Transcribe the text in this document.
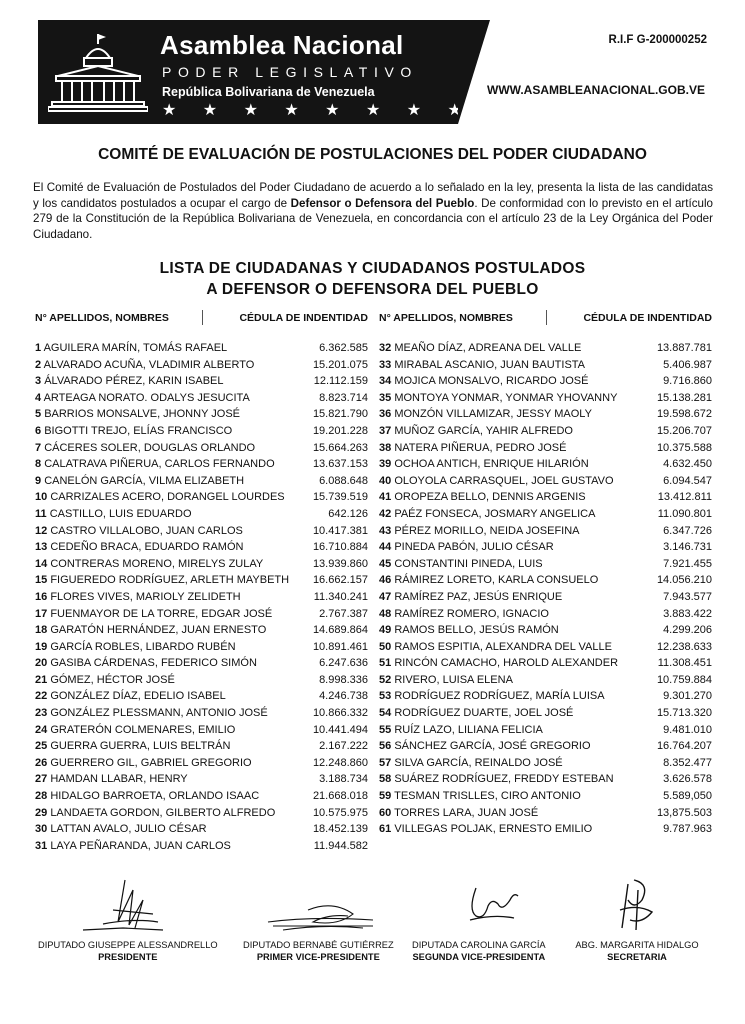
Asamblea Nacional
PODER LEGISLATIVO
República Bolivariana de Venezuela
★ ★ ★ ★ ★ ★ ★ ★
R.I.F G-200000252
WWW.ASAMBLEANACIONAL.GOB.VE
COMITÉ DE EVALUACIÓN DE POSTULACIONES DEL PODER CIUDADANO

El Comité de Evaluación de Postulados del Poder Ciudadano de acuerdo a lo señalado en la ley, presenta la lista de las candidatas y los candidatos postulados a ocupar el cargo de Defensor o Defensora del Pueblo. De conformidad con lo previsto en el artículo 279 de la Constitución de la República Bolivariana de Venezuela, en concordancia con el artículo 23 de la Ley Orgánica del Poder Ciudadano.

LISTA DE CIUDADANAS Y CIUDADANOS POSTULADOS
A DEFENSOR O DEFENSORA DEL PUEBLO
N° APELLIDOS, NOMBRES	CÉDULA DE INDENTIDAD
1 AGUILERA MARÍN, TOMÁS RAFAEL	6.362.585
2 ALVARADO ACUÑA, VLADIMIR ALBERTO	15.201.075
3 ÁLVARADO PÉREZ, KARIN ISABEL	12.112.159
4 ARTEAGA NORATO. ODALYS JESUCITA	8.823.714
5 BARRIOS MONSALVE, JHONNY JOSÉ	15.821.790
6 BIGOTTI TREJO, ELÍAS FRANCISCO	19.201.228
7 CÁCERES SOLER, DOUGLAS ORLANDO	15.664.263
8 CALATRAVA PIÑERUA, CARLOS FERNANDO	13.637.153
9 CANELÓN GARCÍA, VILMA ELIZABETH	6.088.648
10 CARRIZALES ACERO, DORANGEL LOURDES	15.739.519
11 CASTILLO, LUIS EDUARDO	642.126
12 CASTRO VILLALOBO, JUAN CARLOS	10.417.381
13 CEDEÑO BRACA, EDUARDO RAMÓN	16.710.884
14 CONTRERAS MORENO, MIRELYS ZULAY	13.939.860
15 FIGUEREDO RODRÍGUEZ, ARLETH MAYBETH 16.662.157
16 FLORES VIVES, MARIOLY ZELIDETH	11.340.241
17 FUENMAYOR DE LA TORRE, EDGAR JOSÉ	2.767.387
18 GARATÓN HERNÁNDEZ, JUAN ERNESTO	14.689.864
19 GARCÍA ROBLES, LIBARDO RUBÉN	10.891.461
20 GASIBA CÁRDENAS, FEDERICO SIMÓN	6.247.636
21 GÓMEZ, HÉCTOR JOSÉ	8.998.336
22 GONZÁLEZ DÍAZ, EDELIO ISABEL	4.246.738
23 GONZÁLEZ PLESSMANN, ANTONIO JOSÉ	10.866.332
24 GRATERÓN COLMENARES, EMILIO	10.441.494
25 GUERRA GUERRA, LUIS BELTRÁN	2.167.222
26 GUERRERO GIL, GABRIEL GREGORIO	12.248.860
27 HAMDAN LLABAR, HENRY	3.188.734
28 HIDALGO BARROETA, ORLANDO ISAAC	21.668.018
29 LANDAETA GORDON, GILBERTO ALFREDO	10.575.975
30 LATTAN AVALO, JULIO CÉSAR	18.452.139
31 LAYA PEÑARANDA, JUAN CARLOS	11.944.582
N° APELLIDOS, NOMBRES	CÉDULA DE INDENTIDAD
32 MEAÑO DÍAZ, ADREANA DEL VALLE	13.887.781
33 MIRABAL ASCANIO, JUAN BAUTISTA	5.406.987
34 MOJICA MONSALVO, RICARDO JOSÉ	9.716.860
35 MONTOYA YONMAR, YONMAR YHOVANNY	15.138.281
36 MONZÓN VILLAMIZAR, JESSY MAOLY	19.598.672
37 MUÑOZ GARCÍA, YAHIR ALFREDO	15.206.707
38 NATERA PIÑERUA, PEDRO JOSÉ	10.375.588
39 OCHOA ANTICH, ENRIQUE HILARIÓN	4.632.450
40 OLOYOLA CARRASQUEL, JOEL GUSTAVO	6.094.547
41 OROPEZA BELLO, DENNIS ARGENIS	13.412.811
42 PAÉZ FONSECA, JOSMARY ANGELICA	11.090.801
43 PÉREZ MORILLO, NEIDA JOSEFINA	6.347.726
44 PINEDA PABÓN, JULIO CÉSAR	3.146.731
45 CONSTANTINI PINEDA, LUIS	7.921.455
46 RÁMIREZ LORETO, KARLA CONSUELO	14.056.210
47 RAMÍREZ PAZ, JESÚS ENRIQUE	7.943.577
48 RAMÍREZ ROMERO, IGNACIO	3.883.422
49 RAMOS BELLO, JESÚS RAMÓN	4.299.206
50 RAMOS ESPITIA, ALEXANDRA DEL VALLE	12.238.633
51 RINCÓN CAMACHO, HAROLD ALEXANDER	11.308.451
52 RIVERO, LUISA ELENA	10.759.884
53 RODRÍGUEZ RODRÍGUEZ, MARÍA LUISA	9.301.270
54 RODRÍGUEZ DUARTE, JOEL JOSÉ	15.713.320
55 RUÍZ LAZO, LILIANA FELICIA	9.481.010
56 SÁNCHEZ GARCÍA, JOSÉ GREGORIO	16.764.207
57 SILVA GARCÍA, REINALDO JOSÉ	8.352.477
58 SUÁREZ RODRÍGUEZ, FREDDY ESTEBAN	3.626.578
59 TESMAN TRISLLES, CIRO ANTONIO	5.589,050
60 TORRES LARA, JUAN JOSÉ	13,875.503
61 VILLEGAS POLJAK, ERNESTO EMILIO	9.787.963
DIPUTADO GIUSEPPE ALESSANDRELLO
PRESIDENTE
DIPUTADO BERNABÉ GUTIÉRREZ
PRIMER VICE-PRESIDENTE
DIPUTADA CAROLINA GARCÍA
SEGUNDA VICE-PRESIDENTA
ABG. MARGARITA HIDALGO
SECRETARIA
